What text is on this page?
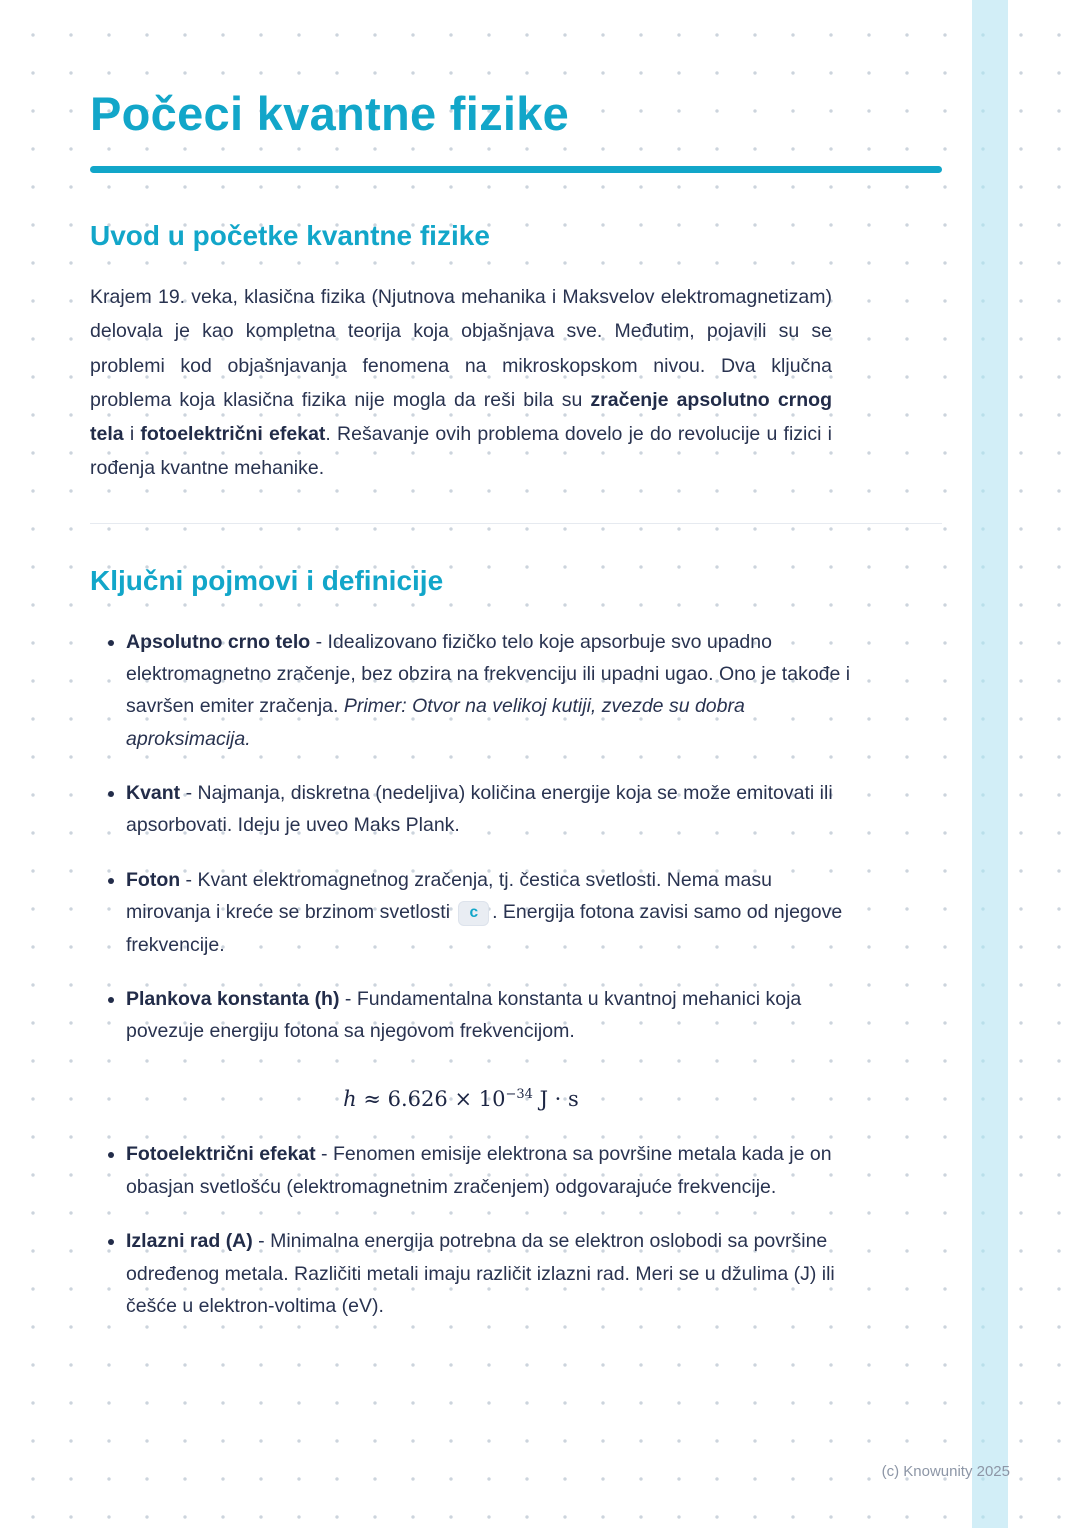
Počeci kvantne fizike
Uvod u početke kvantne fizike

Krajem 19. veka, klasična fizika (Njutnova mehanika i Maksvelov elektromagnetizam) delovala je kao kompletna teorija koja objašnjava sve. Međutim, pojavili su se problemi kod objašnjavanja fenomena na mikroskopskom nivou. Dva ključna problema koja klasična fizika nije mogla da reši bila su zračenje apsolutno crnog tela i fotoelektrični efekat. Rešavanje ovih problema dovelo je do revolucije u fizici i rođenja kvantne mehanike.

Ključni pojmovi i definicije
• Apsolutno crno telo - Idealizovano fizičko telo koje apsorbuje svo upadno elektromagnetno zračenje, bez obzira na frekvenciju ili upadni ugao. Ono je takođe i savršen emiter zračenja. Primer: Otvor na velikoj kutiji, zvezde su dobra aproksimacija.
• Kvant - Najmanja, diskretna (nedeljiva) količina energije koja se može emitovati ili apsorbovati. Ideju je uveo Maks Plank.
• Foton - Kvant elektromagnetnog zračenja, tj. čestica svetlosti. Nema masu mirovanja i kreće se brzinom svetlosti c . Energija fotona zavisi samo od njegove frekvencije.
• Plankova konstanta (h) - Fundamentalna konstanta u kvantnoj mehanici koja povezuje energiju fotona sa njegovom frekvencijom.
$h \approx 6.626 \times 10^{-34}$ J · s
• Fotoelektrični efekat - Fenomen emisije elektrona sa površine metala kada je on obasjan svetlošću (elektromagnetnim zračenjem) odgovarajuće frekvencije.
• Izlazni rad (A) - Minimalna energija potrebna da se elektron oslobodi sa površine određenog metala. Različiti metali imaju različit izlazni rad. Meri se u džulima (J) ili češće u elektron-voltima (eV).
(c) Knowunity 2025
